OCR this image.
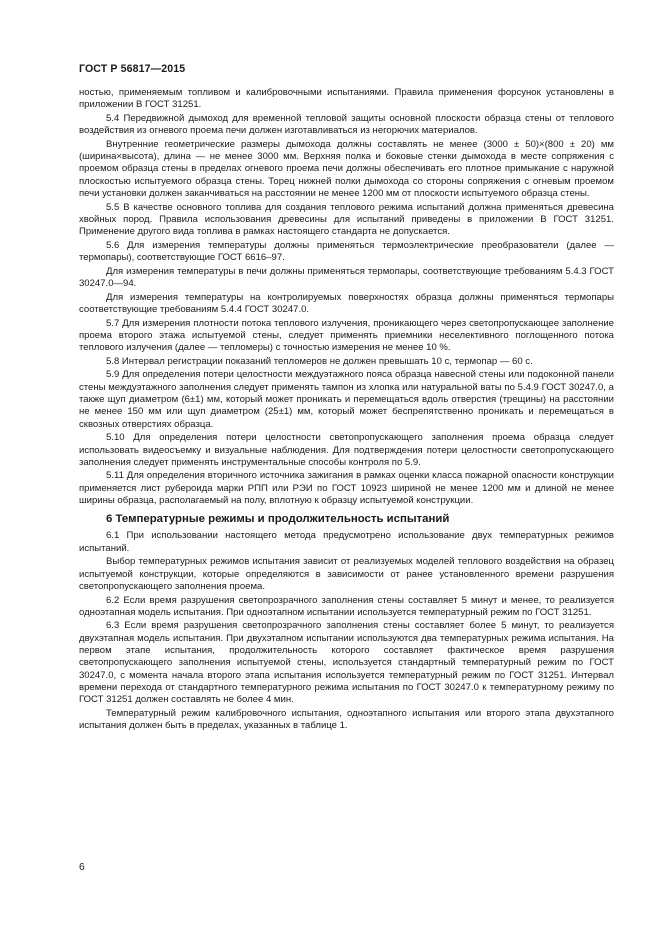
ГОСТ Р 56817—2015

ностью, применяемым топливом и калибровочными испытаниями. Правила применения форсунок установлены в приложении В ГОСТ 31251.

5.4 Передвижной дымоход для временной тепловой защиты основной плоскости образца стены от теплового воздействия из огневого проема печи должен изготавливаться из негорючих материалов.

Внутренние геометрические размеры дымохода должны составлять не менее (3000 ± 50)×(800 ± 20) мм (ширина×высота), длина — не менее 3000 мм. Верхняя полка и боковые стенки дымохода в месте сопряжения с проемом образца стены в пределах огневого проема печи должны обеспечивать его плотное примыкание с наружной плоскостью испытуемого образца стены. Торец нижней полки дымохода со стороны сопряжения с огневым проемом печи установки должен заканчиваться на расстоянии не менее 1200 мм от плоскости испытуемого образца стены.

5.5 В качестве основного топлива для создания теплового режима испытаний должна применяться древесина хвойных пород. Правила использования древесины для испытаний приведены в приложении В ГОСТ 31251. Применение другого вида топлива в рамках настоящего стандарта не допускается.

5.6 Для измерения температуры должны применяться термоэлектрические преобразователи (далее — термопары), соответствующие ГОСТ 6616–97.

Для измерения температуры в печи должны применяться термопары, соответствующие требованиям 5.4.3 ГОСТ 30247.0—94.

Для измерения температуры на контролируемых поверхностях образца должны применяться термопары соответствующие требованиям 5.4.4 ГОСТ 30247.0.

5.7 Для измерения плотности потока теплового излучения, проникающего через светопропускающее заполнение проема второго этажа испытуемой стены, следует применять приемники неселективного поглощенного потока теплового излучения (далее — тепломеры) с точностью измерения не менее 10 %.

5.8 Интервал регистрации показаний тепломеров не должен превышать 10 с, термопар — 60 с.

5.9 Для определения потери целостности междуэтажного пояса образца навесной стены или подоконной панели стены междуэтажного заполнения следует применять тампон из хлопка или натуральной ваты по 5.4.9 ГОСТ 30247.0, а также щуп диаметром (6±1) мм, который может проникать и перемещаться вдоль отверстия (трещины) на расстоянии не менее 150 мм или щуп диаметром (25±1) мм, который может беспрепятственно проникать и перемещаться в сквозных отверстиях образца.

5.10 Для определения потери целостности светопропускающего заполнения проема образца следует использовать видеосъемку и визуальные наблюдения. Для подтверждения потери целостности светопропускающего заполнения следует применять инструментальные способы контроля по 5.9.

5.11 Для определения вторичного источника зажигания в рамках оценки класса пожарной опасности конструкции применяется лист рубероида марки РПП или РЭИ по ГОСТ 10923 шириной не менее 1200 мм и длиной не менее ширины образца, располагаемый на полу, вплотную к образцу испытуемой конструкции.

6 Температурные режимы и продолжительность испытаний

6.1 При использовании настоящего метода предусмотрено использование двух температурных режимов испытаний.

Выбор температурных режимов испытания зависит от реализуемых моделей теплового воздействия на образец испытуемой конструкции, которые определяются в зависимости от ранее установленного времени разрушения светопропускающего заполнения проема.

6.2 Если время разрушения светопрозрачного заполнения стены составляет 5 минут и менее, то реализуется одноэтапная модель испытания. При одноэтапном испытании используется температурный режим по ГОСТ 31251.

6.3 Если время разрушения светопрозрачного заполнения стены составляет более 5 минут, то реализуется двухэтапная модель испытания. При двухэтапном испытании используются два температурных режима испытания. На первом этапе испытания, продолжительность которого составляет фактическое время разрушения светопропускающего заполнения испытуемой стены, используется стандартный температурный режим по ГОСТ 30247.0, с момента начала второго этапа испытания используется температурный режим по ГОСТ 31251. Интервал времени перехода от стандартного температурного режима испытания по ГОСТ 30247.0 к температурному режиму по ГОСТ 31251 должен составлять не более 4 мин.

Температурный режим калибровочного испытания, одноэтапного испытания или второго этапа двухэтапного испытания должен быть в пределах, указанных в таблице 1.

6
